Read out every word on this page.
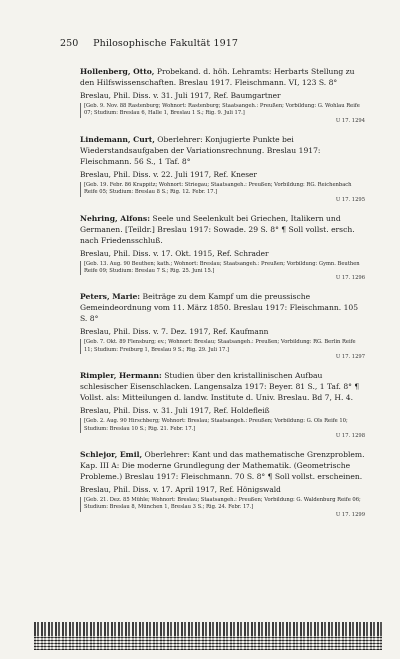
250 Philosophische Fakultät 1917
Hollenberg, Otto, Probekand. d. höh. Lehramts: Herbarts Stellung zu den Hilfswissenschaften. Breslau 1917. Fleischmann. VI, 123 S. 8°
Breslau, Phil. Diss. v. 31. Juli 1917, Ref. Baumgartner
[Geb. 9. Nov. 88 Rastenburg; Wohnort: Rastenburg; Staatsangeh.: Preußen; Vorbildung: G. Wohlau Reife 07; Studium: Breslau 6, Halle 1, Breslau 1 S.; Rig. 9. Juli 17.]
U 17. 1294
Lindemann, Curt, Oberlehrer: Konjugierte Punkte bei Wiederstandsaufgaben der Variationsrechnung. Breslau 1917: Fleischmann. 56 S., 1 Taf. 8°
Breslau, Phil. Diss. v. 22. Juli 1917, Ref. Kneser
[Geb. 19. Febr. 86 Krappitz; Wohnort: Striegau; Staatsangeh.: Preußen; Vorbildung: RG. Reichenbach Reife 05; Studium: Breslau 8 S.; Rig. 12. Febr. 17.]
U 17. 1295
Nehring, Alfons: Seele und Seelenkult bei Griechen, Italikern und Germanen. [Teildr.] Breslau 1917: Sowade. 29 S. 8° ¶ Soll vollst. ersch. nach Friedensschluß.
Breslau, Phil. Diss. v. 17. Okt. 1915, Ref. Schrader
[Geb. 13. Aug. 90 Beuthen; kath.; Wohnort: Breslau; Staatsangeh.: Preußen; Vorbildung: Gymn. Beuthen Reife 09; Studium: Breslau 7 S.; Rig. 25. Juni 15.]
U 17. 1296
Peters, Marie: Beiträge zu dem Kampf um die preussische Gemeindeordnung vom 11. März 1850. Breslau 1917: Fleischmann. 105 S. 8°
Breslau, Phil. Diss. v. 7. Dez. 1917, Ref. Kaufmann
[Geb. 7. Okt. 89 Flensburg; ev.; Wohnort: Breslau; Staatsangeh.: Preußen; Vorbildung: RG. Berlin Reife 11; Studium: Freiburg 1, Breslau 9 S.; Rig. 29. Juli 17.]
U 17. 1297
Rimpler, Hermann: Studien über den kristallinischen Aufbau schlesischer Eisenschlacken. Langensalza 1917: Beyer. 81 S., 1 Taf. 8° ¶ Vollst. als: Mitteilungen d. landw. Institute d. Univ. Breslau. Bd 7, H. 4.
Breslau, Phil. Diss. v. 31. Juli 1917, Ref. Holdefleiß
[Geb. 2. Aug. 90 Hirschberg; Wohnort: Breslau; Staatsangeh.: Preußen; Vorbildung: G. Ols Reife 10; Studium: Breslau 10 S.; Rig. 21. Febr. 17.]
U 17. 1298
Schlejor, Emil, Oberlehrer: Kant und das mathematische Grenzproblem. Kap. III A: Die moderne Grundlegung der Mathematik. (Geometrische Probleme.) Breslau 1917: Fleischmann. 70 S. 8° ¶ Soll vollst. erscheinen.
Breslau, Phil. Diss. v. 17. April 1917, Ref. Hönigswald
[Geb. 21. Dez. 85 Mühle; Wohnort: Breslau; Staatsangeh.: Preußen; Vorbildung: G. Waldenburg Reife 06; Studium: Breslau 8, München 1, Breslau 3 S.; Rig. 24. Febr. 17.]
U 17. 1299
